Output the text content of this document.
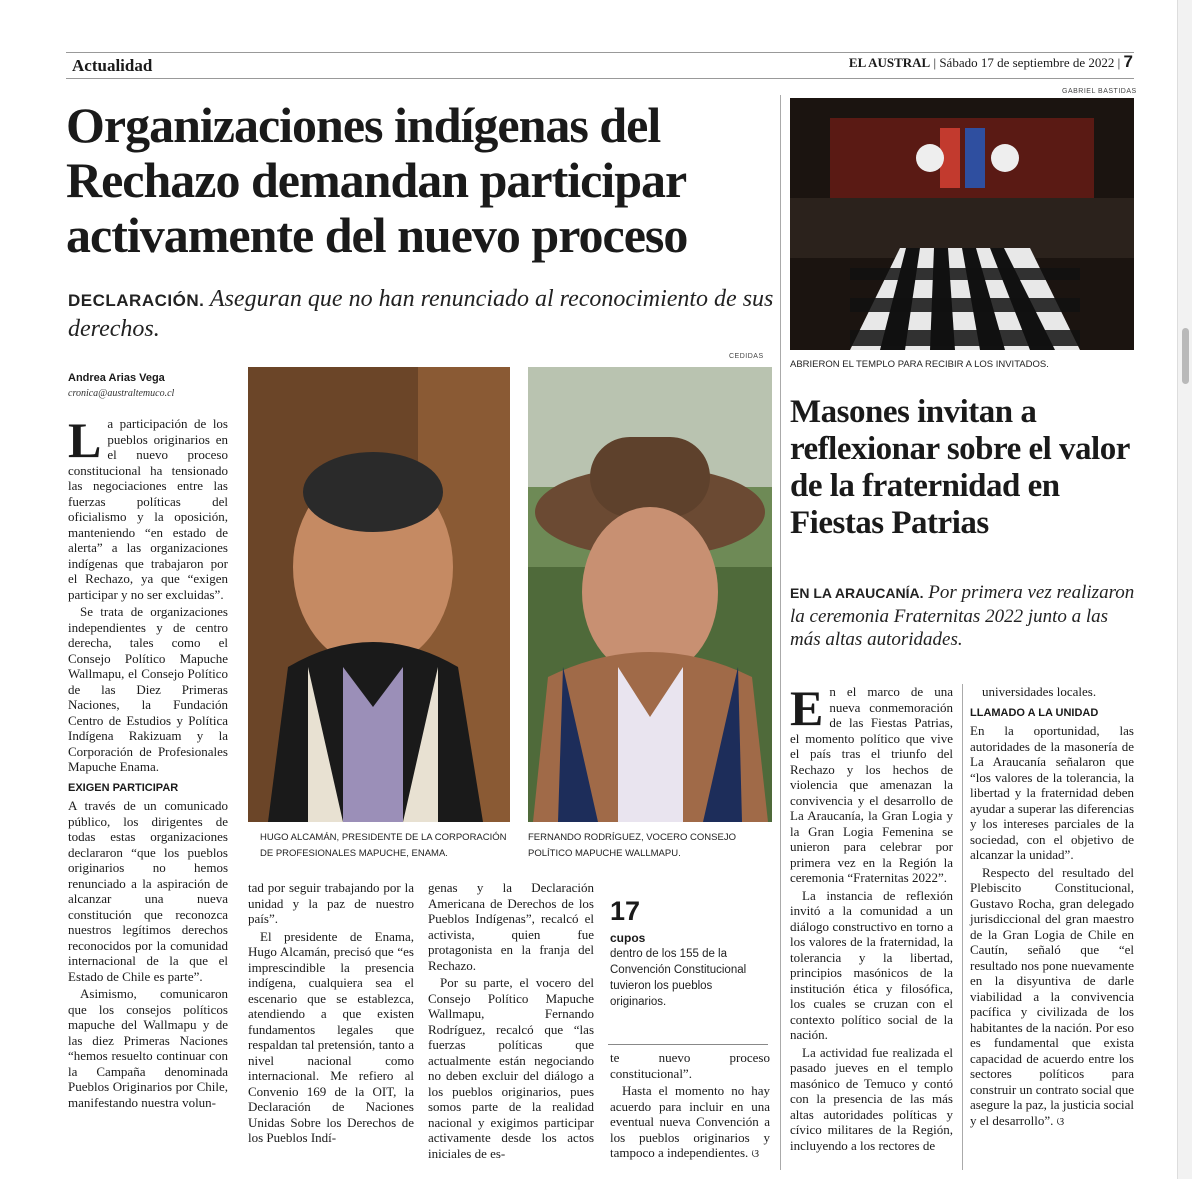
Actualidad	EL AUSTRAL | Sábado 17 de septiembre de 2022 | 7
Organizaciones indígenas del Rechazo demandan participar activamente del nuevo proceso
DECLARACIÓN. Aseguran que no han renunciado al reconocimiento de sus derechos.
CEDIDAS
Andrea Arias Vega
cronica@australtemuco.cl
HUGO ALCAMÁN, PRESIDENTE DE LA CORPORACIÓN DE PROFESIONALES MAPUCHE, ENAMA.
FERNANDO RODRÍGUEZ, VOCERO CONSEJO POLÍTICO MAPUCHE WALLMAPU.

La participación de los pueblos originarios en el nuevo proceso constitucional ha tensionado las negociaciones entre las fuerzas políticas del oficialismo y la oposición, manteniendo “en estado de alerta” a las organizaciones indígenas que trabajaron por el Rechazo, ya que “exigen participar y no ser excluidas”.

Se trata de organizaciones independientes y de centro derecha, tales como el Consejo Político Mapuche Wallmapu, el Consejo Político de las Diez Primeras Naciones, la Fundación Centro de Estudios y Política Indígena Rakizuam y la Corporación de Profesionales Mapuche Enama.

EXIGEN PARTICIPAR

A través de un comunicado público, los dirigentes de todas estas organizaciones declararon “que los pueblos originarios no hemos renunciado a la aspiración de alcanzar una nueva constitución que reconozca nuestros legítimos derechos reconocidos por la comunidad internacional de la que el Estado de Chile es parte”.

Asimismo, comunicaron que los consejos políticos mapuche del Wallmapu y de las diez Primeras Naciones “hemos resuelto continuar con la Campaña denominada Pueblos Originarios por Chile, manifestando nuestra volun-

tad por seguir trabajando por la unidad y la paz de nuestro país”.

El presidente de Enama, Hugo Alcamán, precisó que “es imprescindible la presencia indígena, cualquiera sea el escenario que se establezca, atendiendo a que existen fundamentos legales que respaldan tal pretensión, tanto a nivel nacional como internacional. Me refiero al Convenio 169 de la OIT, la Declaración de Naciones Unidas Sobre los Derechos de los Pueblos Indí-

genas y la Declaración Americana de Derechos de los Pueblos Indígenas”, recalcó el activista, quien fue protagonista en la franja del Rechazo.

Por su parte, el vocero del Consejo Político Mapuche Wallmapu, Fernando Rodríguez, recalcó que “las fuerzas políticas que actualmente están negociando no deben excluir del diálogo a los pueblos originarios, pues somos parte de la realidad nacional y exigimos participar activamente desde los actos iniciales de es-

17
cupos
dentro de los 155 de la Convención Constitucional tuvieron los pueblos originarios.

te nuevo proceso constitucional”.

Hasta el momento no hay acuerdo para incluir en una eventual nueva Convención a los pueblos originarios y tampoco a independientes. ଓ

GABRIEL BASTIDAS
ABRIERON EL TEMPLO PARA RECIBIR A LOS INVITADOS.
Masones invitan a reflexionar sobre el valor de la fraternidad en Fiestas Patrias
EN LA ARAUCANÍA. Por primera vez realizaron la ceremonia Fraternitas 2022 junto a las más altas autoridades.

En el marco de una nueva conmemoración de las Fiestas Patrias, el momento político que vive el país tras el triunfo del Rechazo y los hechos de violencia que amenazan la convivencia y el desarrollo de La Araucanía, la Gran Logia y la Gran Logia Femenina se unieron para celebrar por primera vez en la Región la ceremonia “Fraternitas 2022”.

La instancia de reflexión invitó a la comunidad a un diálogo constructivo en torno a los valores de la fraternidad, la tolerancia y la libertad, principios masónicos de la institución ética y filosófica, los cuales se cruzan con el contexto político social de la nación.

La actividad fue realizada el pasado jueves en el templo masónico de Temuco y contó con la presencia de las más altas autoridades políticas y cívico militares de la Región, incluyendo a los rectores de

universidades locales.

LLAMADO A LA UNIDAD

En la oportunidad, las autoridades de la masonería de La Araucanía señalaron que “los valores de la tolerancia, la libertad y la fraternidad deben ayudar a superar las diferencias y los intereses parciales de la sociedad, con el objetivo de alcanzar la unidad”.

Respecto del resultado del Plebiscito Constitucional, Gustavo Rocha, gran delegado jurisdiccional del gran maestro de la Gran Logia de Chile en Cautín, señaló que “el resultado nos pone nuevamente en la disyuntiva de darle viabilidad a la convivencia pacífica y civilizada de los habitantes de la nación. Por eso es fundamental que exista capacidad de acuerdo entre los sectores políticos para construir un contrato social que asegure la paz, la justicia social y el desarrollo”. ଓ
